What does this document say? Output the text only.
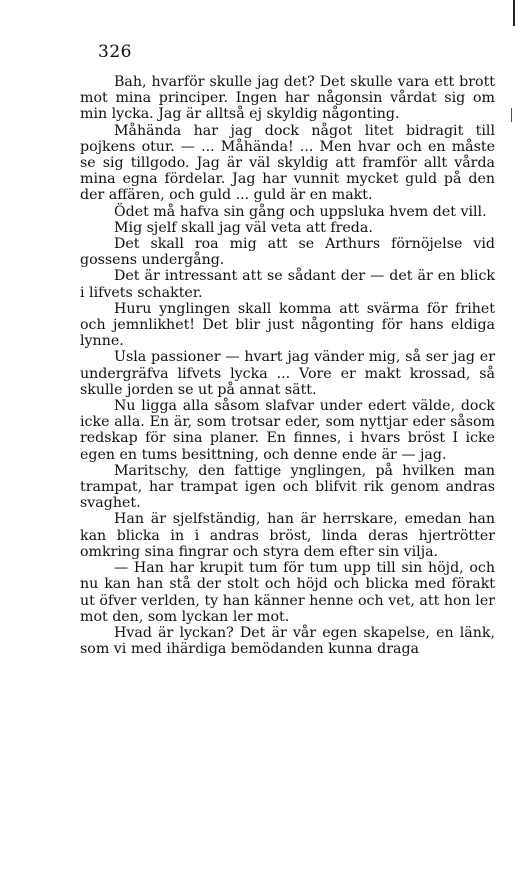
326

Bah, hvarför skulle jag det? Det skulle vara ett brott mot mina principer. Ingen har någonsin vårdat sig om min lycka. Jag är alltså ej skyldig någonting.

Måhända har jag dock något litet bidragit till pojkens otur. — ... Måhända! ... Men hvar och en måste se sig tillgodo. Jag är väl skyldig att framför allt vårda mina egna fördelar. Jag har vunnit mycket guld på den der affären, och guld ... guld är en makt.

Ödet må hafva sin gång och uppsluka hvem det vill.

Mig sjelf skall jag väl veta att freda.

Det skall roa mig att se Arthurs förnöjelse vid gossens undergång.

Det är intressant att se sådant der — det är en blick i lifvets schakter.

Huru ynglingen skall komma att svärma för frihet och jemnlikhet! Det blir just någonting för hans eldiga lynne.

Usla passioner — hvart jag vänder mig, så ser jag er undergräfva lifvets lycka ... Vore er makt krossad, så skulle jorden se ut på annat sätt.

Nu ligga alla såsom slafvar under edert välde, dock icke alla. En är, som trotsar eder, som nyttjar eder såsom redskap för sina planer. En finnes, i hvars bröst I icke egen en tums besittning, och denne ende är — jag.

Maritschy, den fattige ynglingen, på hvilken man trampat, har trampat igen och blifvit rik genom andras svaghet.

Han är sjelfständig, han är herrskare, emedan han kan blicka in i andras bröst, linda deras hjertrötter omkring sina fingrar och styra dem efter sin vilja.

— Han har krupit tum för tum upp till sin höjd, och nu kan han stå der stolt och höjd och blicka med förakt ut öfver verlden, ty han känner henne och vet, att hon ler mot den, som lyckan ler mot.

Hvad är lyckan? Det är vår egen skapelse, en länk, som vi med ihärdiga bemödanden kunna draga
